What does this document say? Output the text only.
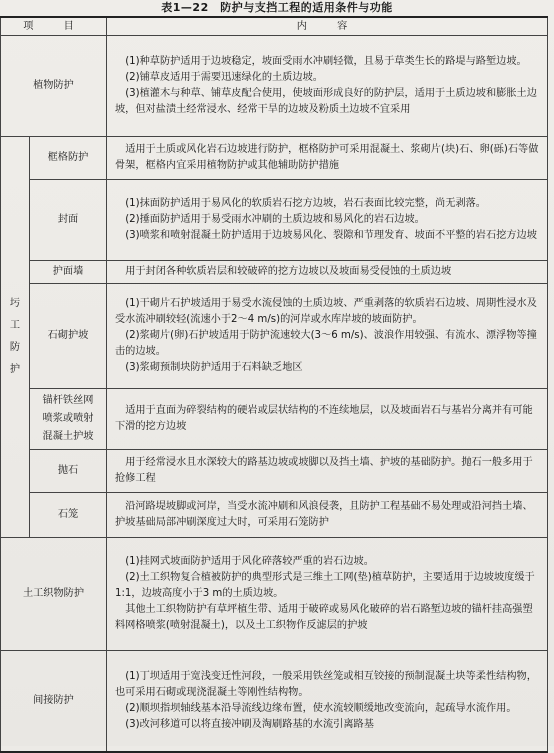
表1—22　防护与支挡工程的适用条件与功能
项　目		内　容
植物防护		(1)种草防护适用于边坡稳定，坡面受雨水冲刷轻微，且易于草类生长的路堤与路堑边坡。

(2)铺草皮适用于需要迅速绿化的土质边坡。

(3)植灌木与种草、铺草皮配合使用，使坡面形成良好的防护层，适用于土质边坡和膨胀土边坡，但对盐渍土经常浸水、经常干旱的边坡及粉质土边坡不宜采用

圬
工
防
护	框格防护	适用于土质或风化岩石边坡进行防护，框格防护可采用混凝土、浆砌片(块)石、卵(砾)石等做骨架，框格内宜采用植物防护或其他辅助防护措施

	封面	(1)抹面防护适用于易风化的软质岩石挖方边坡，岩石表面比较完整，尚无剥落。

(2)捶面防护适用于易受雨水冲刷的土质边坡和易风化的岩石边坡。

(3)喷浆和喷射混凝土防护适用于边坡易风化、裂隙和节理发育、坡面不平整的岩石挖方边坡

	护面墙	用于封闭各种软质岩层和较破碎的挖方边坡以及坡面易受侵蚀的土质边坡

	石砌护坡	(1)干砌片石护坡适用于易受水流侵蚀的土质边坡、严重剥落的软质岩石边坡、周期性浸水及受水流冲刷较轻(流速小于2～4 m/s)的河岸或水库岸坡的坡面防护。

(2)浆砌片(卵)石护坡适用于防护流速较大(3～6 m/s)、波浪作用较强、有流水、漂浮物等撞击的边坡。

(3)浆砌预制块防护适用于石料缺乏地区

	锚杆铁丝网
喷浆或喷射
混凝土护坡	适用于直面为碎裂结构的硬岩或层状结构的不连续地层，以及坡面岩石与基岩分离并有可能下滑的挖方边坡

	抛石	用于经常浸水且水深较大的路基边坡或坡脚以及挡土墙、护坡的基础防护。抛石一般多用于抢修工程

	石笼	沿河路堤坡脚或河岸，当受水流冲刷和风浪侵袭，且防护工程基础不易处理或沿河挡土墙、护坡基础局部冲刷深度过大时，可采用石笼防护

土工织物防护		(1)挂网式坡面防护适用于风化碎落较严重的岩石边坡。

(2)土工织物复合植被防护的典型形式是三维土工网(垫)植草防护，主要适用于边坡坡度缓于1:1，边坡高度小于3 m的土质边坡。

其他土工织物防护有草坪植生带、适用于破碎或易风化破碎的岩石路堑边坡的锚杆挂高强塑料网格喷浆(喷射混凝土)，以及土工织物作反滤层的护坡

间接防护		(1)丁坝适用于宽浅变迁性河段，一般采用铁丝笼或相互铰接的预制混凝土块等柔性结构物，也可采用石砌或现浇混凝土等刚性结构物。

(2)顺坝指坝轴线基本沿导流线边缘布置，使水流较顺缓地改变流向，起疏导水流作用。

(3)改河移道可以将直接冲刷及淘刷路基的水流引离路基
